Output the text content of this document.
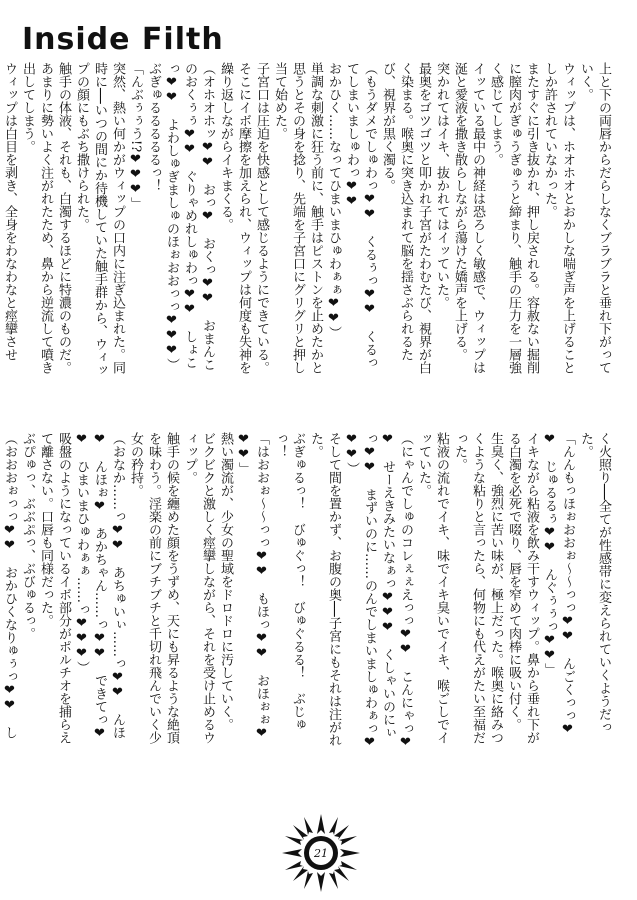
Inside Filth

上と下の両唇からだらしなくブラブラと垂れ下がっていく。

ウィップは、ホオホオとおかしな喘ぎ声を上げることしか許されていなかった。

またすぐに引き抜かれ、押し戻される。容赦ない掘削に膣肉がぎゅうぎゅうと締まり、触手の圧力を一層強く感じてしまう。

イッている最中の神経は恐ろしく敏感で、ウィップは涎と愛液を撒き散らしながら蕩けた嬌声を上げる。

突かれてはイキ、抜かれてはイッていた。

最奥をゴツゴツと叩かれ子宮がたわむたび、視界が白く染まる。喉奥に突き込まれて脳を揺さぶられるたび、視界が黒く濁る。

（もうダメでしゅわっ❤❤　くるぅっ❤❤　くるってしまいましゅわっ❤❤

おかひく……なってひまいまひゅわぁぁ❤❤）

単調な刺激に狂う前に、触手はピストンを止めたかと思うとその身を捻り、先端を子宮口にグリグリと押し当て始めた。

子宮口は圧迫を快感として感じるようにできている。そこにイボ摩擦を加えられ、ウィップは何度も失神を繰り返しながらイキまくる。

（オホオホッ❤❤　おっ❤　おくっ❤❤　おまんこのおくぅぅ❤❤　ぐりゃめれしゅわっ❤❤　しょこっ❤❤　よわしゅぎましゅのほぉおおっっ❤❤❤）

ぶぎゅるるるるるっ！

「んぶぅぅう!?❤❤❤」

突然、熱い何かがウィップの口内に注ぎ込まれた。同時に──いつの間にか待機していた触手群から、ウィップの顔にもぶち撒けられた。

触手の体液、それも、白濁するほどに特濃のものだ。あまりに勢いよく注がれたため、鼻から逆流して噴き出してしまう。

ウィップは白目を剥き、全身をわなわなと痙攣させ

く火照り──全てが性感帯に変えられていくようだった。

「んんもっほぉおおぉ～～っっ❤❤　んごくっっ❤❤　じゅるるぅ❤❤　んぐぅぅっ❤❤」

イキながら粘液を飲み干すウィップ。鼻から垂れ下がる白濁を必死で啜り、唇を窄めて肉棒に吸い付く。

生臭く、強烈に苦い味が、極上だった。喉奥に絡みつくような粘りと言ったら、何物にも代えがたい至福だった。

粘液の流れでイキ、味でイキ臭いでイキ、喉ごしでイッていた。

（にゃんでしゅのコレぇぇえっっ❤❤　こんにゃっ❤❤　せーえきみたいなぁっ❤❤❤　くしゃいのにぃっ❤❤　まずいのに……のんでしまいましゅわぁっ❤❤❤）

そして間を置かず、お腹の奥──子宮にもそれは注がれた。

ぶぎゅるっ！　びゅぐっ！　びゅぐるる！　ぶじゅっ！

「はおおぉ～～っっ❤❤　もほっ❤❤　おほぉぉ❤❤❤」

熱い濁流が、少女の聖域をドロドロに汚していく。

ビクビクと激しく痙攣しながら、それを受け止めるウィップ。

触手の候を纏めた顔をうずめ、天にも昇るような絶頂を味わう。淫楽の前にブチブチと千切れ飛んでいく少女の矜持。

（おなか……っ❤❤　あちゅいぃ……っ❤❤　んほ❤　んほぉ❤　あかちゃん……っ❤❤　できてっ❤❤　ひまいまひゅわぁぁ……っ❤❤❤）

吸盤のようになっているイボ部分がポルチオを捕らえて離さない。口唇も同様だった。

ぶぴゅっ、ぶぶぷっ、ぶびゅるっ。

（おおおぉっっ❤❤　おかひくなりゅぅっ❤❤　し　

21
